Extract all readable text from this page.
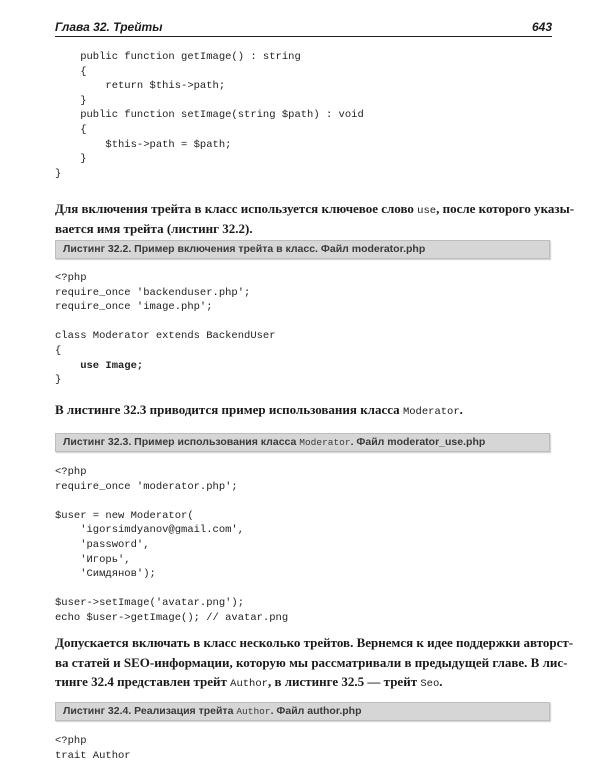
Глава 32. Трейты	643
public function getImage() : string
{
return $this->path;
}
public function setImage(string $path) : void
{
$this->path = $path;
}
}
Для включения трейта в класс используется ключевое слово use, после которого указы-
вается имя трейта (листинг 32.2).
Листинг 32.2. Пример включения трейта в класс. Файл moderator.php
<?php
require_once 'backenduser.php';
require_once 'image.php';
class Moderator extends BackendUser
{
use Image;
}
В листинге 32.3 приводится пример использования класса Moderator.
Листинг 32.3. Пример использования класса Moderator. Файл moderator_use.php
<?php
require_once 'moderator.php';
$user = new Moderator(
'igorsimdyanov@gmail.com',
'password',
'Игорь',
'Симдянов');
$user->setImage('avatar.png');
echo $user->getImage(); // avatar.png
Допускается включать в класс несколько трейтов. Вернемся к идее поддержки авторст-
ва статей и SEO-информации, которую мы рассматривали в предыдущей главе. В лис-
тинге 32.4 представлен трейт Author, в листинге 32.5 — трейт Seo.
Листинг 32.4. Реализация трейта Author. Файл author.php
<?php
trait Author
